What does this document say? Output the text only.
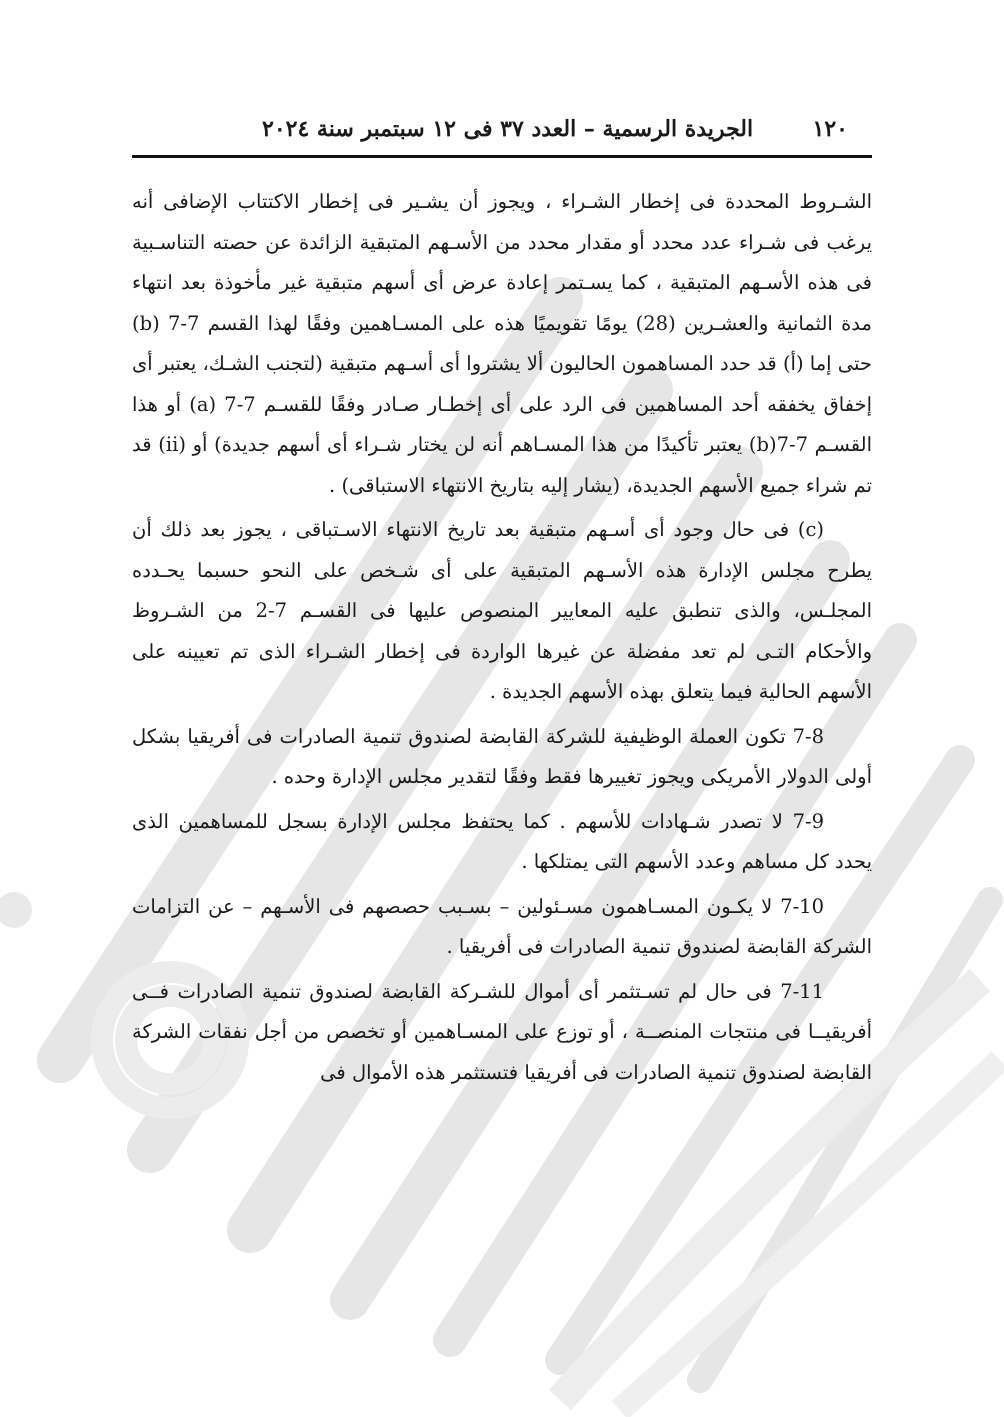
١٢٠
الجريدة الرسمية – العدد ٣٧ فى ١٢ سبتمبر سنة ٢٠٢٤

الشـروط المحددة فى إخطار الشـراء ، ويجوز أن يشـير فى إخطار الاكتتاب الإضافى أنه يرغب فى شـراء عدد محدد أو مقدار محدد من الأسـهم المتبقية الزائدة عن حصته التناسـبية فى هذه الأسـهم المتبقية ، كما يسـتمر إعادة عرض أى أسهم متبقية غير مأخوذة بعد انتهاء مدة الثمانية والعشـرين (28) يومًا تقويميًا هذه على المسـاهمين وفقًا لهذا القسم 7-7 (b) حتى إما (أ) قد حدد المساهمون الحاليون ألا يشتروا أى أسـهم متبقية (لتجنب الشـك، يعتبر أى إخفاق يخفقه أحد المساهمين فى الرد على أى إخطـار صـادر وفقًا للقسـم 7-7 (a) أو هذا القسـم 7-7(b) يعتبر تأكيدًا من هذا المسـاهم أنه لن يختار شـراء أى أسهم جديدة) أو (ii) قد تم شراء جميع الأسهم الجديدة، (يشار إليه بتاريخ الانتهاء الاستباقى) .

(c) فى حال وجود أى أسـهم متبقية بعد تاريخ الانتهاء الاسـتباقى ، يجوز بعد ذلك أن يطرح مجلس الإدارة هذه الأسـهم المتبقية على أى شـخص على النحو حسبما يحـدده المجلـس، والذى تنطبق عليه المعايير المنصوص عليها فى القسـم 7-2 من الشـروظ والأحكام التـى لم تعد مفضلة عن غيرها الواردة فى إخطار الشـراء الذى تم تعيينه على الأسهم الحالية فيما يتعلق بهذه الأسهم الجديدة .

7-8 تكون العملة الوظيفية للشركة القابضة لصندوق تنمية الصادرات فى أفريقيا بشكل أولى الدولار الأمريكى ويجوز تغييرها فقط وفقًا لتقدير مجلس الإدارة وحده .

7-9 لا تصدر شـهادات للأسهم . كما يحتفظ مجلس الإدارة بسجل للمساهمين الذى يحدد كل مساهم وعدد الأسهم التى يمتلكها .

7-10 لا يكـون المسـاهمون مسـئولين – بسـبب حصصهم فى الأسـهم – عن التزامات الشركة القابضة لصندوق تنمية الصادرات فى أفريقيا .

7-11 فى حال لم تسـتثمر أى أموال للشـركة القابضة لصندوق تنمية الصادرات فــى أفريقيــا فى منتجات المنصــة ، أو توزع على المسـاهمين أو تخصص من أجل نفقات الشركة القابضة لصندوق تنمية الصادرات فى أفريقيا فتستثمر هذه الأموال فى
